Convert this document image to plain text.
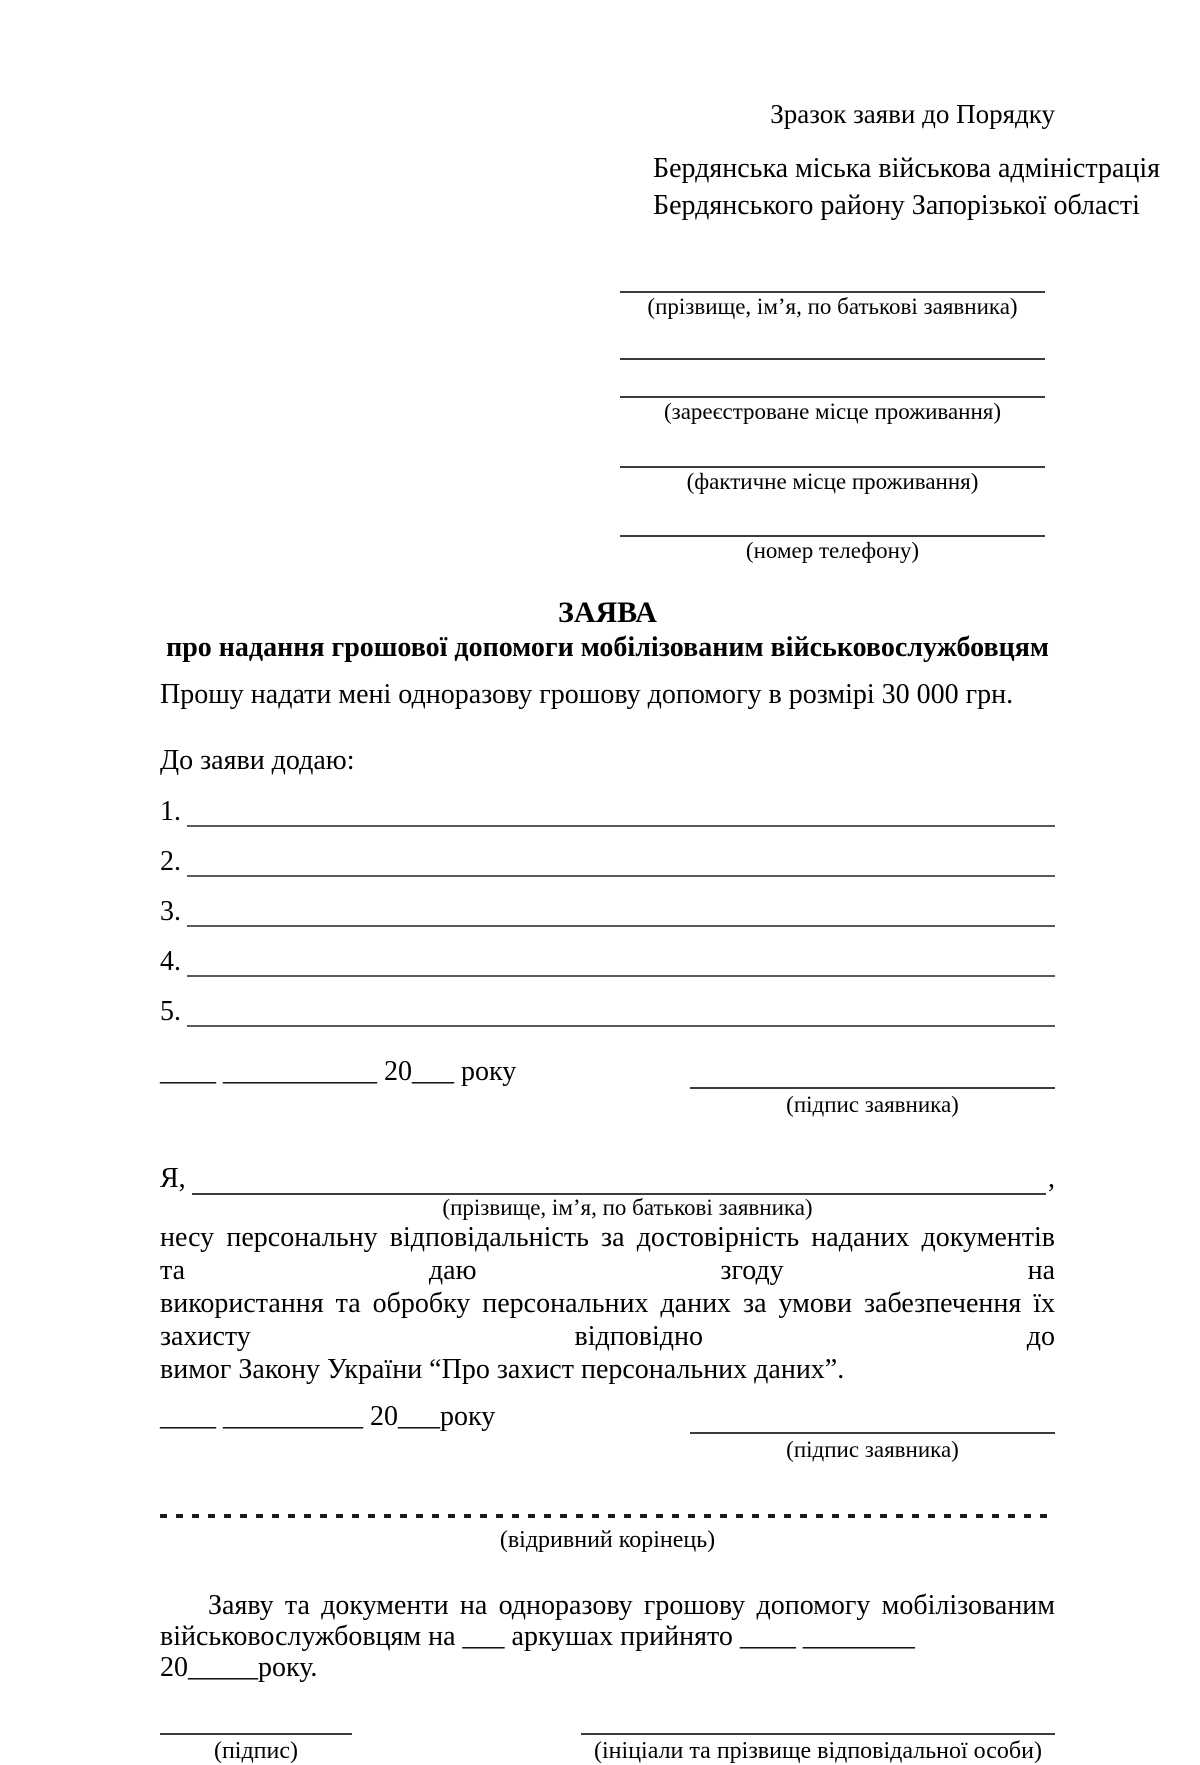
Зразок заяви до Порядку
Бердянська міська військова адміністрація
Бердянського району Запорізької області
(прізвище, ім’я, по батькові заявника)
(зареєстроване місце проживання)
(фактичне місце проживання)
(номер телефону)
ЗАЯВА
про надання грошової допомоги мобілізованим військовослужбовцям
Прошу надати мені одноразову грошову допомогу в розмірі 30 000 грн.
До заяви додаю:
1.
2.
3.
4.
5.
____ ___________ 20___ року
(підпис заявника)
Я,	,
(прізвище, ім’я, по батькові заявника)
несу персональну відповідальність за достовірність наданих документів та даю згоду на
використання та обробку персональних даних за умови забезпечення їх захисту відповідно до
вимог Закону України “Про захист персональних даних”.
____ __________ 20___року
(підпис заявника)
(відривний корінець)
Заяву та документи на одноразову грошову допомогу мобілізованим
військовослужбовцям на ___ аркушах прийнято ____ ________ 20_____року.
(підпис)	(ініціали та прізвище відповідальної особи)
